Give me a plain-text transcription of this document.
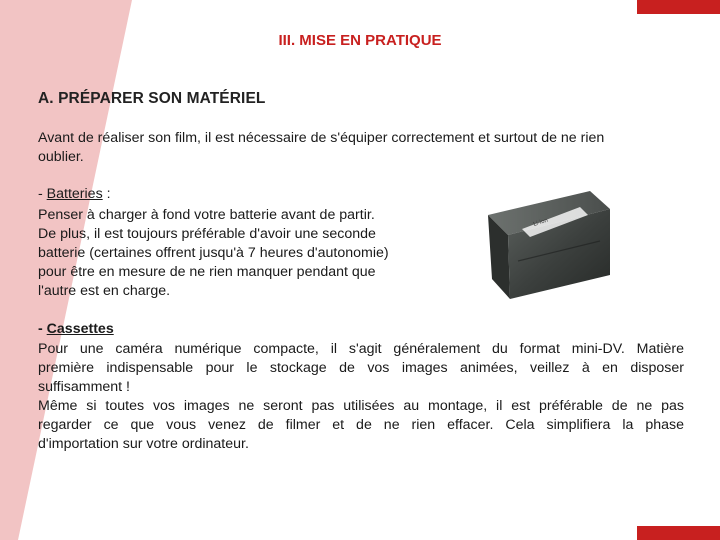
III. MISE EN PRATIQUE
A. PRÉPARER SON MATÉRIEL
Avant de réaliser son film, il est nécessaire de s'équiper correctement et surtout de ne rien
oublier.
- Batteries :
Penser à charger à fond votre batterie avant de partir.
De plus, il est toujours préférable d'avoir une seconde
batterie (certaines offrent jusqu'à 7 heures d'autonomie)
pour être en mesure de ne rien manquer pendant que
l'autre est en charge.
Li-ion
- Cassettes
Pour une caméra numérique compacte, il s'agit généralement du format mini-DV. Matière
première indispensable pour le stockage de vos images animées, veillez à en disposer
suffisamment !
Même si toutes vos images ne seront pas utilisées au montage, il est préférable de ne pas
regarder ce que vous venez de filmer et de ne rien effacer. Cela simplifiera la phase
d'importation sur votre ordinateur.
